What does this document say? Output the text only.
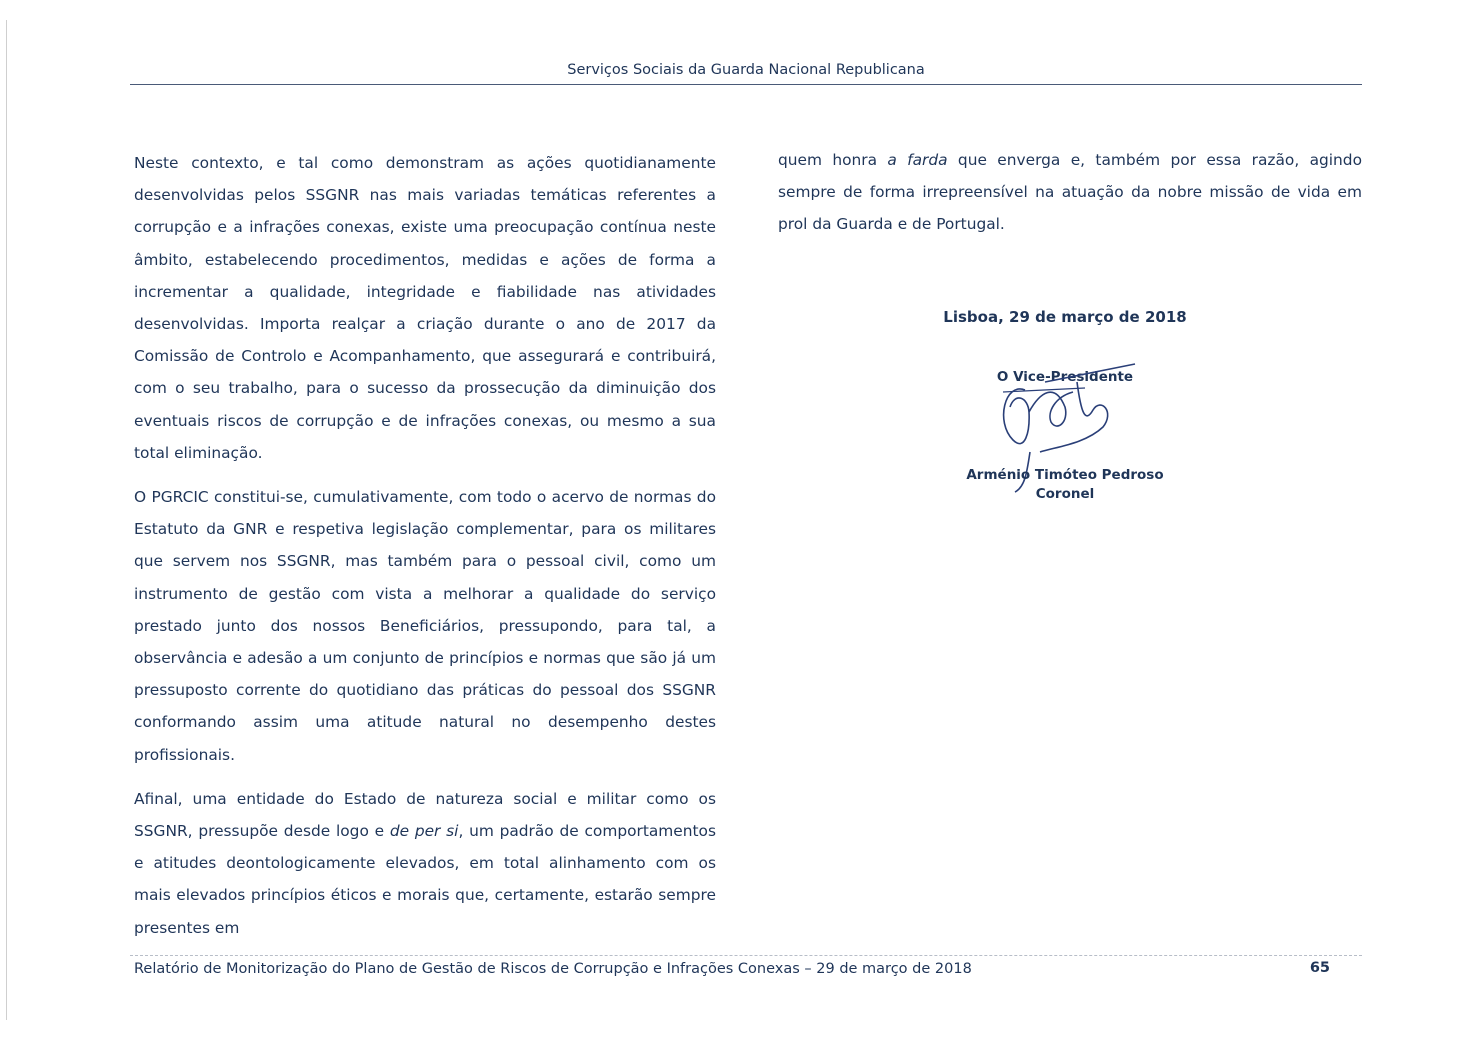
Serviços Sociais da Guarda Nacional Republicana

Neste contexto, e tal como demonstram as ações quotidianamente desenvolvidas pelos SSGNR nas mais variadas temáticas referentes a corrupção e a infrações conexas, existe uma preocupação contínua neste âmbito, estabelecendo procedimentos, medidas e ações de forma a incrementar a qualidade, integridade e fiabilidade nas atividades desenvolvidas. Importa realçar a criação durante o ano de 2017 da Comissão de Controlo e Acompanhamento, que assegurará e contribuirá, com o seu trabalho, para o sucesso da prossecução da diminuição dos eventuais riscos de corrupção e de infrações conexas, ou mesmo a sua total eliminação.

O PGRCIC constitui-se, cumulativamente, com todo o acervo de normas do Estatuto da GNR e respetiva legislação complementar, para os militares que servem nos SSGNR, mas também para o pessoal civil, como um instrumento de gestão com vista a melhorar a qualidade do serviço prestado junto dos nossos Beneficiários, pressupondo, para tal, a observância e adesão a um conjunto de princípios e normas que são já um pressuposto corrente do quotidiano das práticas do pessoal dos SSGNR conformando assim uma atitude natural no desempenho destes profissionais.

Afinal, uma entidade do Estado de natureza social e militar como os SSGNR, pressupõe desde logo e de per si, um padrão de comportamentos e atitudes deontologicamente elevados, em total alinhamento com os mais elevados princípios éticos e morais que, certamente, estarão sempre presentes em

quem honra a farda que enverga e, também por essa razão, agindo sempre de forma irrepreensível na atuação da nobre missão de vida em prol da Guarda e de Portugal.

Lisboa, 29 de março de 2018
O Vice-Presidente
Arménio Timóteo Pedroso
Coronel
Relatório de Monitorização do Plano de Gestão de Riscos de Corrupção e Infrações Conexas – 29 de março de 2018	65
